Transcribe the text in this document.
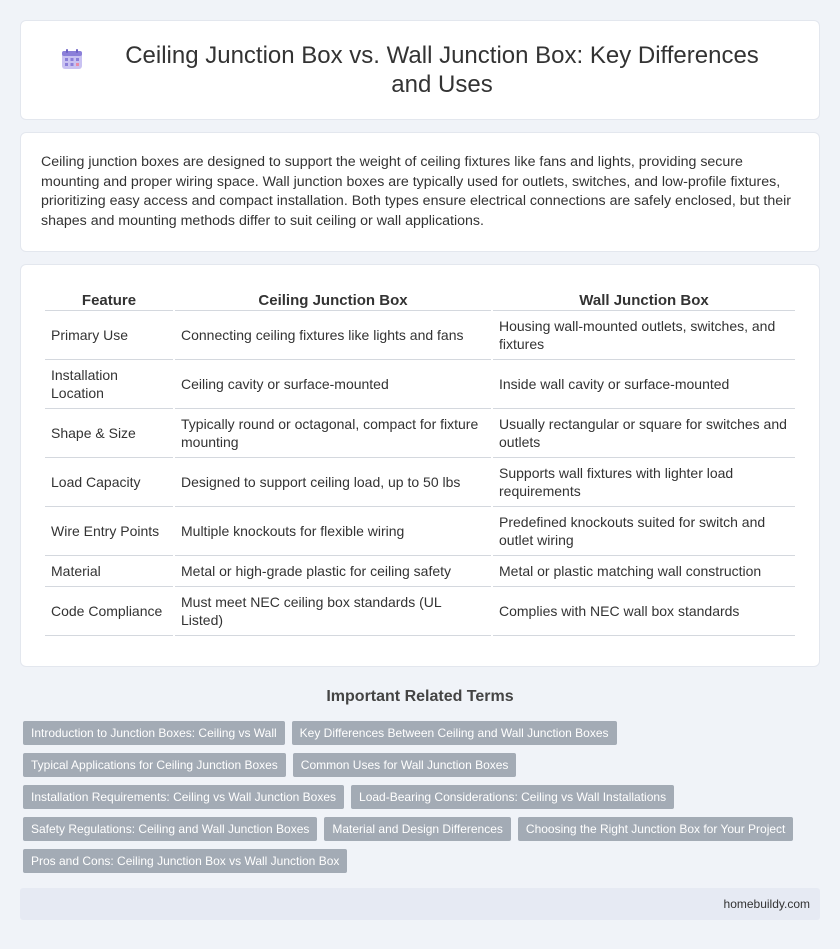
Ceiling Junction Box vs. Wall Junction Box: Key Differences and Uses

Ceiling junction boxes are designed to support the weight of ceiling fixtures like fans and lights, providing secure mounting and proper wiring space. Wall junction boxes are typically used for outlets, switches, and low-profile fixtures, prioritizing easy access and compact installation. Both types ensure electrical connections are safely enclosed, but their shapes and mounting methods differ to suit ceiling or wall applications.

Feature	Ceiling Junction Box	Wall Junction Box
Primary Use	Connecting ceiling fixtures like lights and fans	Housing wall-mounted outlets, switches, and fixtures
Installation Location	Ceiling cavity or surface-mounted	Inside wall cavity or surface-mounted
Shape & Size	Typically round or octagonal, compact for fixture mounting	Usually rectangular or square for switches and outlets
Load Capacity	Designed to support ceiling load, up to 50 lbs	Supports wall fixtures with lighter load requirements
Wire Entry Points	Multiple knockouts for flexible wiring	Predefined knockouts suited for switch and outlet wiring
Material	Metal or high-grade plastic for ceiling safety	Metal or plastic matching wall construction
Code Compliance	Must meet NEC ceiling box standards (UL Listed)	Complies with NEC wall box standards
Important Related Terms
Introduction to Junction Boxes: Ceiling vs Wall	Key Differences Between Ceiling and Wall Junction Boxes
Typical Applications for Ceiling Junction Boxes	Common Uses for Wall Junction Boxes
Installation Requirements: Ceiling vs Wall Junction Boxes	Load-Bearing Considerations: Ceiling vs Wall Installations
Safety Regulations: Ceiling and Wall Junction Boxes	Material and Design Differences	Choosing the Right Junction Box for Your Project
Pros and Cons: Ceiling Junction Box vs Wall Junction Box
homebuildy.com
